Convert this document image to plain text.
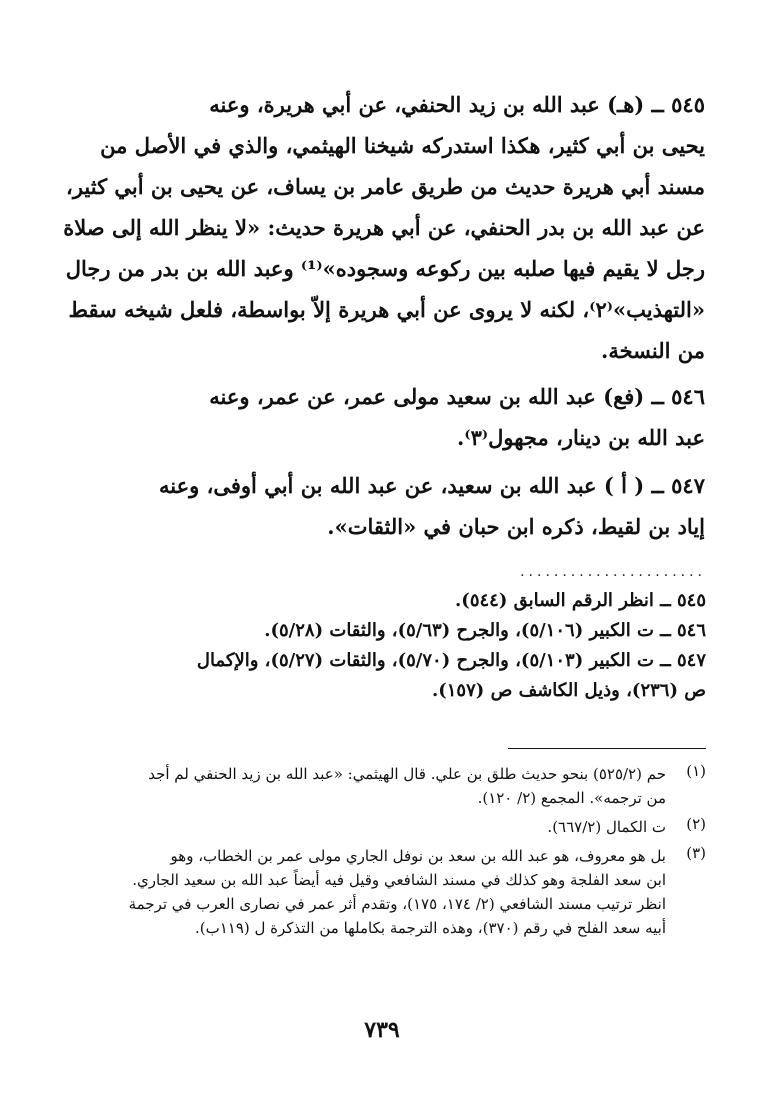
٥٤٥ ــ (هـ) عبد الله بن زيد الحنفي، عن أبي هريرة، وعنه
يحيى بن أبي كثير، هكذا استدركه شيخنا الهيثمي، والذي في الأصل من
مسند أبي هريرة حديث من طريق عامر بن يساف، عن يحيى بن أبي كثير،
عن عبد الله بن بدر الحنفي، عن أبي هريرة حديث: «لا ينظر الله إلى صلاة
رجل لا يقيم فيها صلبه بين ركوعه وسجوده»⁽¹⁾ وعبد الله بن بدر من رجال
«التهذيب»⁽٢⁾، لكنه لا يروى عن أبي هريرة إلاّ بواسطة، فلعل شيخه سقط
من النسخة.
٥٤٦ ــ (فع) عبد الله بن سعيد مولى عمر، عن عمر، وعنه
عبد الله بن دينار، مجهول⁽٣⁾.
٥٤٧ ــ ( أ ) عبد الله بن سعيد، عن عبد الله بن أبي أوفى، وعنه
إياد بن لقيط، ذكره ابن حبان في «الثقات».
......................
٥٤٥ ــ انظر الرقم السابق (٥٤٤).
٥٤٦ ــ ت الكبير (٥/١٠٦)، والجرح (٥/٦٣)، والثقات (٥/٢٨).
٥٤٧ ــ ت الكبير (٥/١٠٣)، والجرح (٥/٧٠)، والثقات (٥/٢٧)، والإكمال
ص (٢٣٦)، وذيل الكاشف ص (١٥٧).
(١)
حم (٥٢٥/٢) بنحو حديث طلق بن علي. قال الهيثمي: «عبد الله بن زيد الحنفي لم أجد
من ترجمه». المجمع (٢/ ١٢٠).
(٢)
ت الكمال (٦٦٧/٢).
(٣)
بل هو معروف، هو عبد الله بن سعد بن نوفل الجاري مولى عمر بن الخطاب، وهو
ابن سعد الفلجة وهو كذلك في مسند الشافعي وقيل فيه أيضاً عبد الله بن سعيد الجاري.
انظر ترتيب مسند الشافعي (٢/ ١٧٤، ١٧٥)، وتقدم أثر عمر في نصارى العرب في ترجمة
أبيه سعد الفلح في رقم (٣٧٠)، وهذه الترجمة بكاملها من التذكرة ل (١١٩ب).
٧٣٩
